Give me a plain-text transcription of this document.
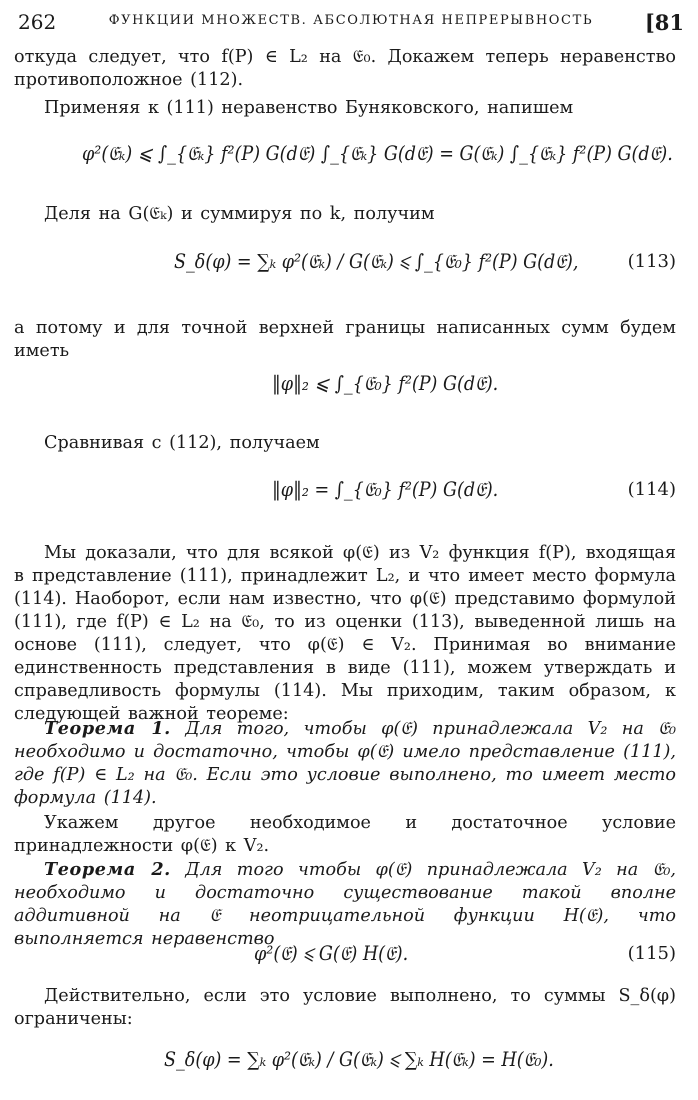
262	ФУНКЦИИ МНОЖЕСТВ. АБСОЛЮТНАЯ НЕПРЕРЫВНОСТЬ	[81

откуда следует, что f(P) ∈ L₂ на 𝔈₀. Докажем теперь неравенство противоположное (112).

Применяя к (111) неравенство Буняковского, напишем

φ²(𝔈ₖ) ⩽ ∫_{𝔈ₖ} f²(P) G(d𝔈) ∫_{𝔈ₖ} G(d𝔈) = G(𝔈ₖ) ∫_{𝔈ₖ} f²(P) G(d𝔈).

Деля на G(𝔈ₖ) и суммируя по k, получим

S_δ(φ) = ∑ₖ φ²(𝔈ₖ) / G(𝔈ₖ) ⩽ ∫_{𝔈₀} f²(P) G(d𝔈),	(113)

а потому и для точной верхней границы написанных сумм будем иметь

‖φ‖₂ ⩽ ∫_{𝔈₀} f²(P) G(d𝔈).

Сравнивая с (112), получаем

‖φ‖₂ = ∫_{𝔈₀} f²(P) G(d𝔈).	(114)

Мы доказали, что для всякой φ(𝔈) из V₂ функция f(P), входящая в представление (111), принадлежит L₂, и что имеет место формула (114). Наоборот, если нам известно, что φ(𝔈) представимо формулой (111), где f(P) ∈ L₂ на 𝔈₀, то из оценки (113), выведенной лишь на основе (111), следует, что φ(𝔈) ∈ V₂. Принимая во внимание единственность представления в виде (111), можем утверждать и справедливость формулы (114). Мы приходим, таким образом, к следующей важной теореме:

Теорема 1. Для того, чтобы φ(𝔈) принадлежала V₂ на 𝔈₀ необходимо и достаточно, чтобы φ(𝔈) имело представление (111), где f(P) ∈ L₂ на 𝔈₀. Если это условие выполнено, то имеет место формула (114).

Укажем другое необходимое и достаточное условие принадлежности φ(𝔈) к V₂.

Теорема 2. Для того чтобы φ(𝔈) принадлежала V₂ на 𝔈₀, необходимо и достаточно существование такой вполне аддитивной на 𝔈 неотрицательной функции H(𝔈), что выполняется неравенство

φ²(𝔈) ⩽ G(𝔈) H(𝔈).	(115)

Действительно, если это условие выполнено, то суммы S_δ(φ) ограничены:

S_δ(φ) = ∑ₖ φ²(𝔈ₖ) / G(𝔈ₖ) ⩽ ∑ₖ H(𝔈ₖ) = H(𝔈₀).
